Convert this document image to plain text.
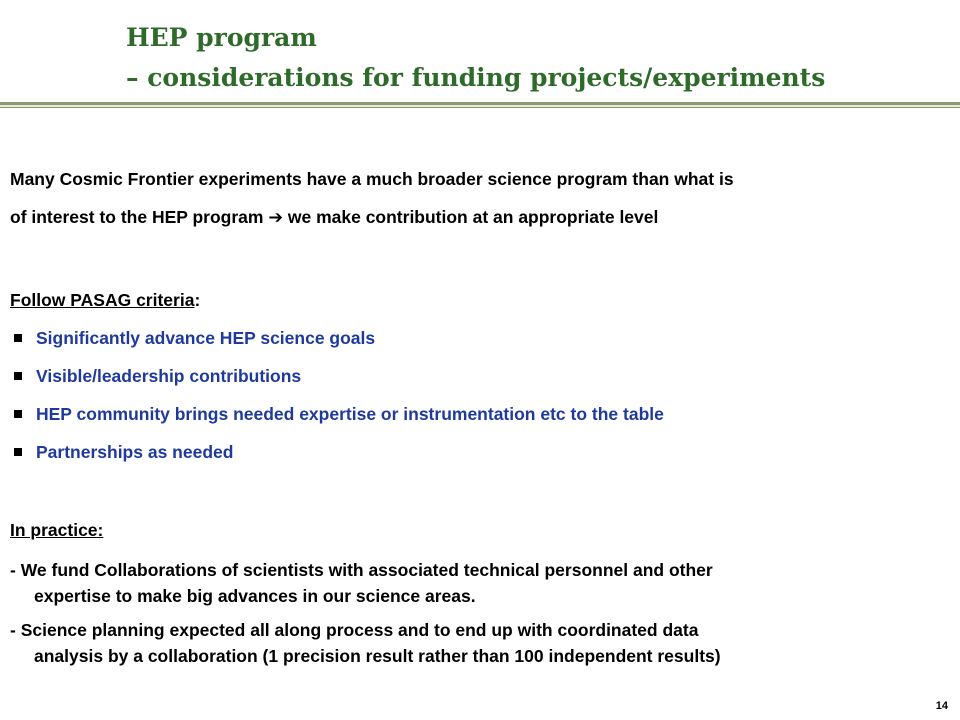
HEP program
– considerations for funding projects/experiments
Many Cosmic Frontier experiments have a much broader science program than what is
of interest to the HEP program ➔ we make contribution at an appropriate level
Follow PASAG criteria:
Significantly advance HEP science goals
Visible/leadership contributions
HEP community brings needed expertise or instrumentation etc to the table
Partnerships as needed
In practice:
- We fund Collaborations of scientists with associated technical personnel and other
expertise to make big advances in our science areas.
- Science planning expected all along process and to end up with coordinated data
analysis by a collaboration (1 precision result rather than 100 independent results)
14
